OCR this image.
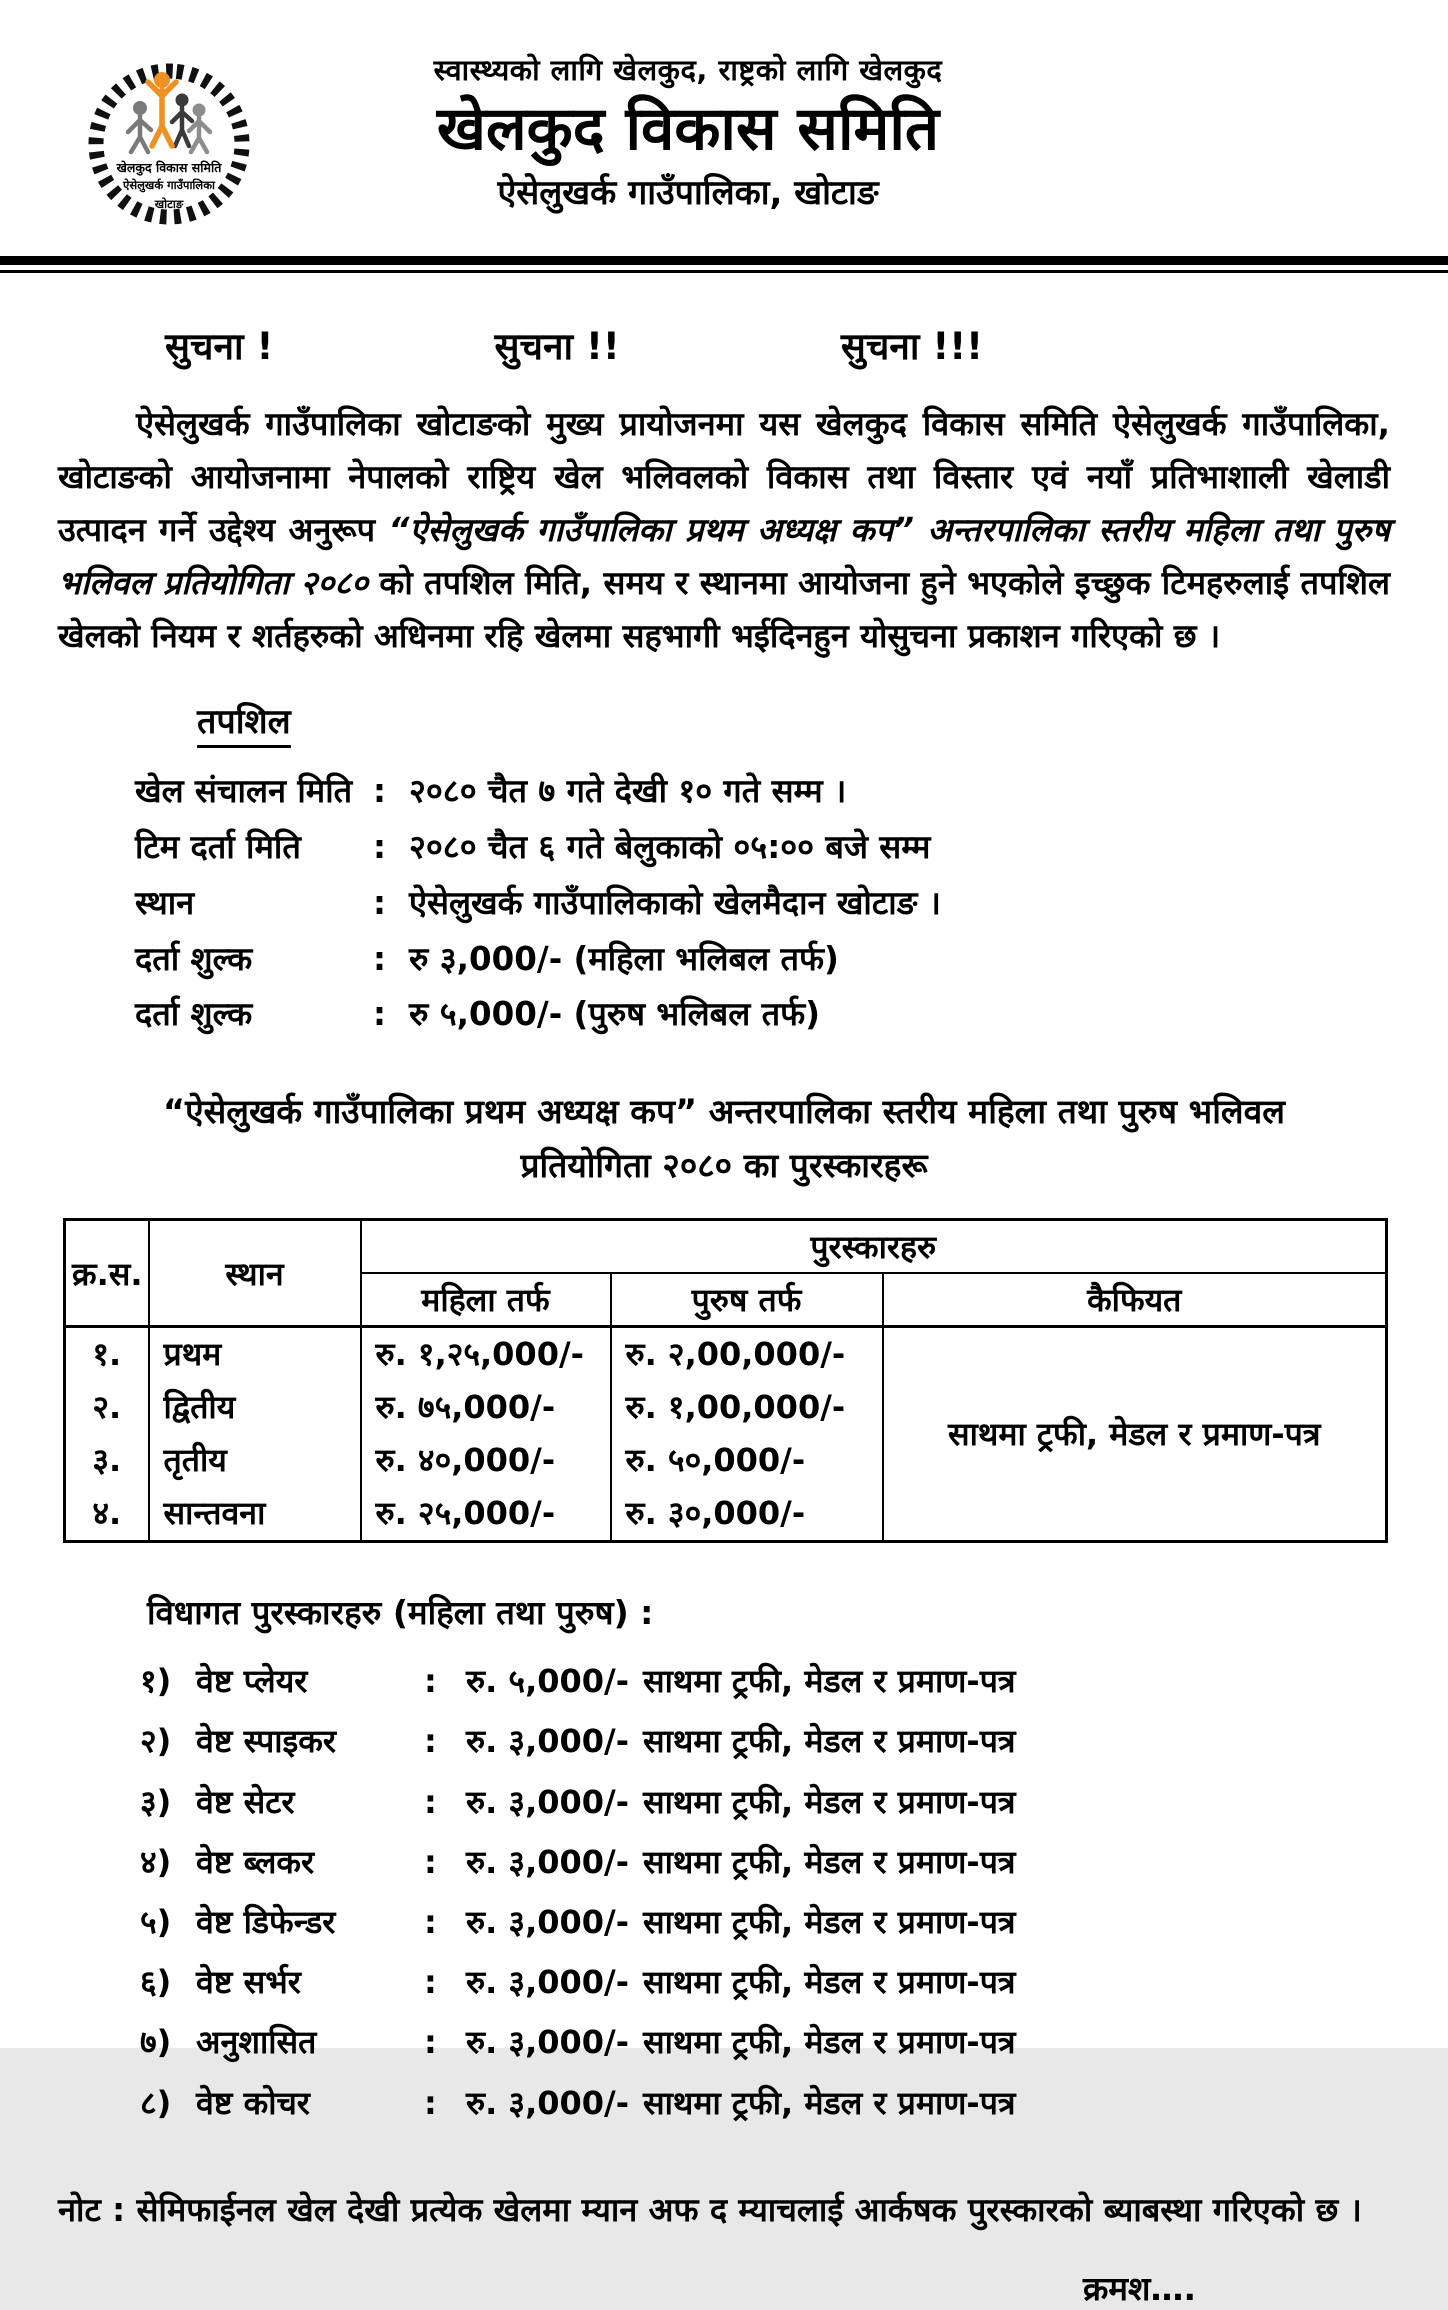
खेलकुद विकास समिति
ऐसेलुखर्क गाउँपालिका
खोटाङ
स्वास्थ्यको लागि खेलकुद, राष्ट्रको लागि खेलकुद
खेलकुद विकास समिति
ऐसेलुखर्क गाउँपालिका, खोटाङ
सुचना !	सुचना !!	सुचना !!!

ऐसेलुखर्क गाउँपालिका खोटाङको मुख्य प्रायोजनमा यस खेलकुद विकास समिति ऐसेलुखर्क गाउँपालिका, खोटाङको आयोजनामा नेपालको राष्ट्रिय खेल भलिवलको विकास तथा विस्तार एवं नयाँ प्रतिभाशाली खेलाडी उत्पादन गर्ने उद्देश्य अनुरूप “ऐसेलुखर्क गाउँपालिका प्रथम अध्यक्ष कप” अन्तरपालिका स्तरीय महिला तथा पुरुष भलिवल प्रतियोगिता २०८० को तपशिल मिति, समय र स्थानमा आयोजना हुने भएकोले इच्छुक टिमहरुलाई तपशिल खेलको नियम र शर्तहरुको अधिनमा रहि खेलमा सहभागी भईदिनहुन योसुचना प्रकाशन गरिएको छ ।

तपशिल
खेल संचालन मिति : २०८० चैत ७ गते देखी १० गते सम्म ।
टिम दर्ता मिति	: २०८० चैत ६ गते बेलुकाको ०५:०० बजे सम्म
स्थान	: ऐसेलुखर्क गाउँपालिकाको खेलमैदान खोटाङ ।
दर्ता शुल्क	: रु ३,000/- (महिला भलिबल तर्फ)
दर्ता शुल्क	: रु ५,000/- (पुरुष भलिबल तर्फ)
“ऐसेलुखर्क गाउँपालिका प्रथम अध्यक्ष कप” अन्तरपालिका स्तरीय महिला तथा पुरुष भलिवल
प्रतियोगिता २०८० का पुरस्कारहरू
क्र.स.	स्थान	पुरस्कारहरु		
		महिला तर्फ	पुरुष तर्फ	कैफियत
१.	प्रथम	रु. १,२५,000/-	रु. २,00,000/-	साथमा ट्रफी, मेडल र प्रमाण-पत्र
२.	द्वितीय	रु. ७५,000/-	रु. १,00,000/-	
३.	तृतीय	रु. ४०,000/-	रु. ५०,000/-	
४.	सान्तवना	रु. २५,000/-	रु. ३०,000/-	
विधागत पुरस्कारहरु (महिला तथा पुरुष) :
१) वेष्ट प्लेयर	: रु. ५,000/- साथमा ट्रफी, मेडल र प्रमाण-पत्र
२) वेष्ट स्पाइकर	: रु. ३,000/- साथमा ट्रफी, मेडल र प्रमाण-पत्र
३) वेष्ट सेटर	: रु. ३,000/- साथमा ट्रफी, मेडल र प्रमाण-पत्र
४) वेष्ट ब्लकर	: रु. ३,000/- साथमा ट्रफी, मेडल र प्रमाण-पत्र
५) वेष्ट डिफेन्डर	: रु. ३,000/- साथमा ट्रफी, मेडल र प्रमाण-पत्र
६) वेष्ट सर्भर	: रु. ३,000/- साथमा ट्रफी, मेडल र प्रमाण-पत्र
७) अनुशासित	: रु. ३,000/- साथमा ट्रफी, मेडल र प्रमाण-पत्र
८) वेष्ट कोचर	: रु. ३,000/- साथमा ट्रफी, मेडल र प्रमाण-पत्र

नोट : सेमिफाईनल खेल देखी प्रत्येक खेलमा म्यान अफ द म्याचलाई आर्कषक पुरस्कारको ब्याबस्था गरिएको छ ।

क्रमश….
